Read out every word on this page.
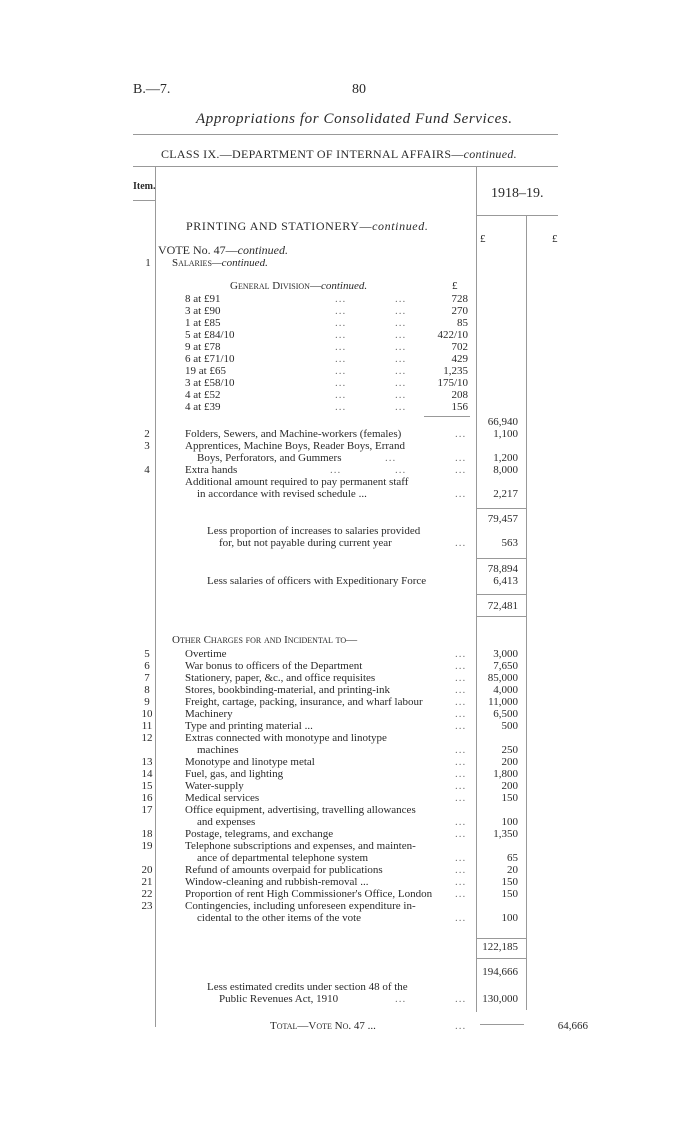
B.—7.	80
Appropriations for Consolidated Fund Services.
CLASS IX.—DEPARTMENT OF INTERNAL AFFAIRS—continued.
Item.	1918–19.
£	£
PRINTING AND STATIONERY—continued.
VOTE No. 47—continued.
1	Salaries—continued.
General Division—continued.	£
8 at £91	...	...	728
3 at £90	...	...	270
1 at £85	...	...	85
5 at £84/10	...	...	422/10
9 at £78	...	...	702
6 at £71/10	...	...	429
19 at £65	...	...	1,235
3 at £58/10	...	...	175/10
4 at £52	...	...	208
4 at £39	...	...	156
66,940
2	Folders, Sewers, and Machine-workers (females)	...	1,100
3	Apprentices, Machine Boys, Reader Boys, Errand
Boys, Perforators, and Gummers	...	...	1,200
4	Extra hands	...	...	...	8,000
Additional amount required to pay permanent staff
in accordance with revised schedule ...	...	2,217
79,457
Less proportion of increases to salaries provided
for, but not payable during current year	...	563
78,894
Less salaries of officers with Expeditionary Force	6,413
72,481
Other Charges for and Incidental to—
5	Overtime	...	3,000
6	War bonus to officers of the Department	...	7,650
7	Stationery, paper, &c., and office requisites	...	85,000
8	Stores, bookbinding-material, and printing-ink	...	4,000
9	Freight, cartage, packing, insurance, and wharf labour	...	11,000
10	Machinery	...	6,500
11	Type and printing material ...	...	500
12	Extras connected with monotype and linotype
machines	...	250
13	Monotype and linotype metal	...	200
14	Fuel, gas, and lighting	...	1,800
15	Water-supply	...	200
16	Medical services	...	150
17	Office equipment, advertising, travelling allowances
and expenses	...	100
18	Postage, telegrams, and exchange	...	1,350
19	Telephone subscriptions and expenses, and mainten-
ance of departmental telephone system	...	65
20	Refund of amounts overpaid for publications	...	20
21	Window-cleaning and rubbish-removal ...	...	150
22	Proportion of rent High Commissioner's Office, London ...	150
23	Contingencies, including unforeseen expenditure in-
cidental to the other items of the vote	...	100
122,185
194,666
Less estimated credits under section 48 of the
Public Revenues Act, 1910	...	...	130,000
Total—Vote No. 47 ...	...	64,666
